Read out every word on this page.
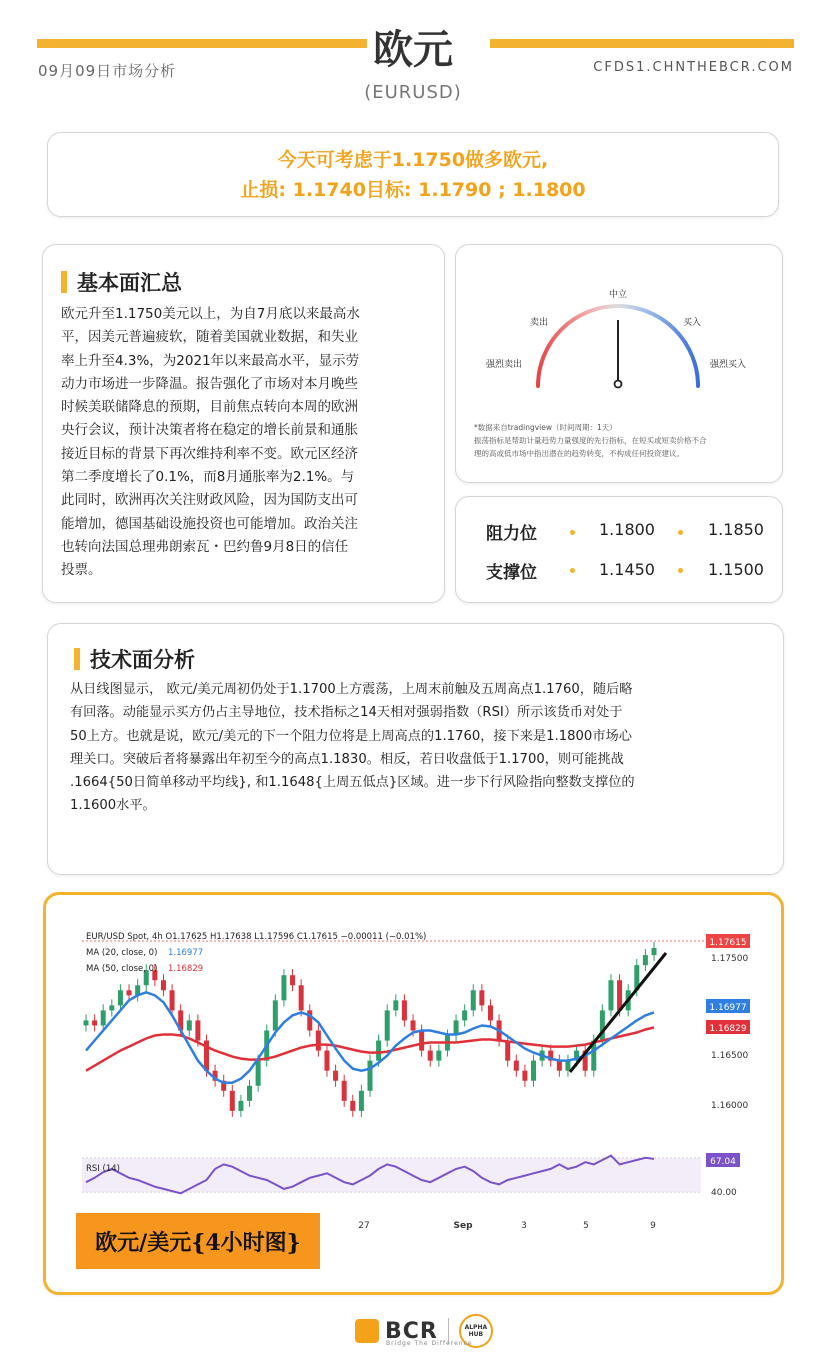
09月09日市场分析	CFDS1.CHNTHEBCR.COM
欧元
(EURUSD)
今天可考虑于1.1750做多欧元,
止损: 1.1740目标: 1.1790 ; 1.1800
基本面汇总
欧元升至1.1750美元以上，为自7月底以来最高水
平，因美元普遍疲软，随着美国就业数据，和失业
率上升至4.3%，为2021年以来最高水平，显示劳
动力市场进一步降温。报告强化了市场对本月晚些
时候美联储降息的预期，目前焦点转向本周的欧洲
央行会议，预计决策者将在稳定的增长前景和通胀
接近目标的背景下再次维持利率不变。欧元区经济
第二季度增长了0.1%，而8月通胀率为2.1%。与
此同时，欧洲再次关注财政风险，因为国防支出可
能增加，德国基础设施投资也可能增加。政治关注
也转向法国总理弗朗索瓦・巴约鲁9月8日的信任
投票。
中立
卖出	买入
强烈卖出	强烈买入
*数据来自tradingview（时间周期：1天）
振荡指标是帮助计量趋势力量强度的先行指标，在短买或短卖价格不合
理的高或低市场中指出潜在的趋势转变，不构成任何投资建议。
阻力位	1.1800	1.1850
支撑位	1.1450	1.1500
技术面分析
从日线图显示， 欧元/美元周初仍处于1.1700上方震荡，上周末前触及五周高点1.1760，随后略
有回落。动能显示买方仍占主导地位，技术指标之14天相对强弱指数（RSI）所示该货币对处于
50上方。也就是说，欧元/美元的下一个阻力位将是上周高点的1.1760，接下来是1.1800市场心
理关口。突破后者将暴露出年初至今的高点1.1830。相反，若日收盘低于1.1700，则可能挑战
.1664{50日简单移动平均线}, 和1.1648{上周五低点}区域。进一步下行风险指向整数支撑位的
1.1600水平。
EUR/USD Spot, 4h O1.17625 H1.17638 L1.17596 C1.17615 −0.00011 (−0.01%)
MA (20, close, 0) 1.16977
MA (50, close, 0) 1.16829
1.17615
1.16977
1.16829
1.17500
1.16500
1.16000
RSI (14)
67.04
40.00
27	Sep	3	5	9
欧元/美元{4小时图}
BCR	ALPHA
HUB
Bridge The Difference
